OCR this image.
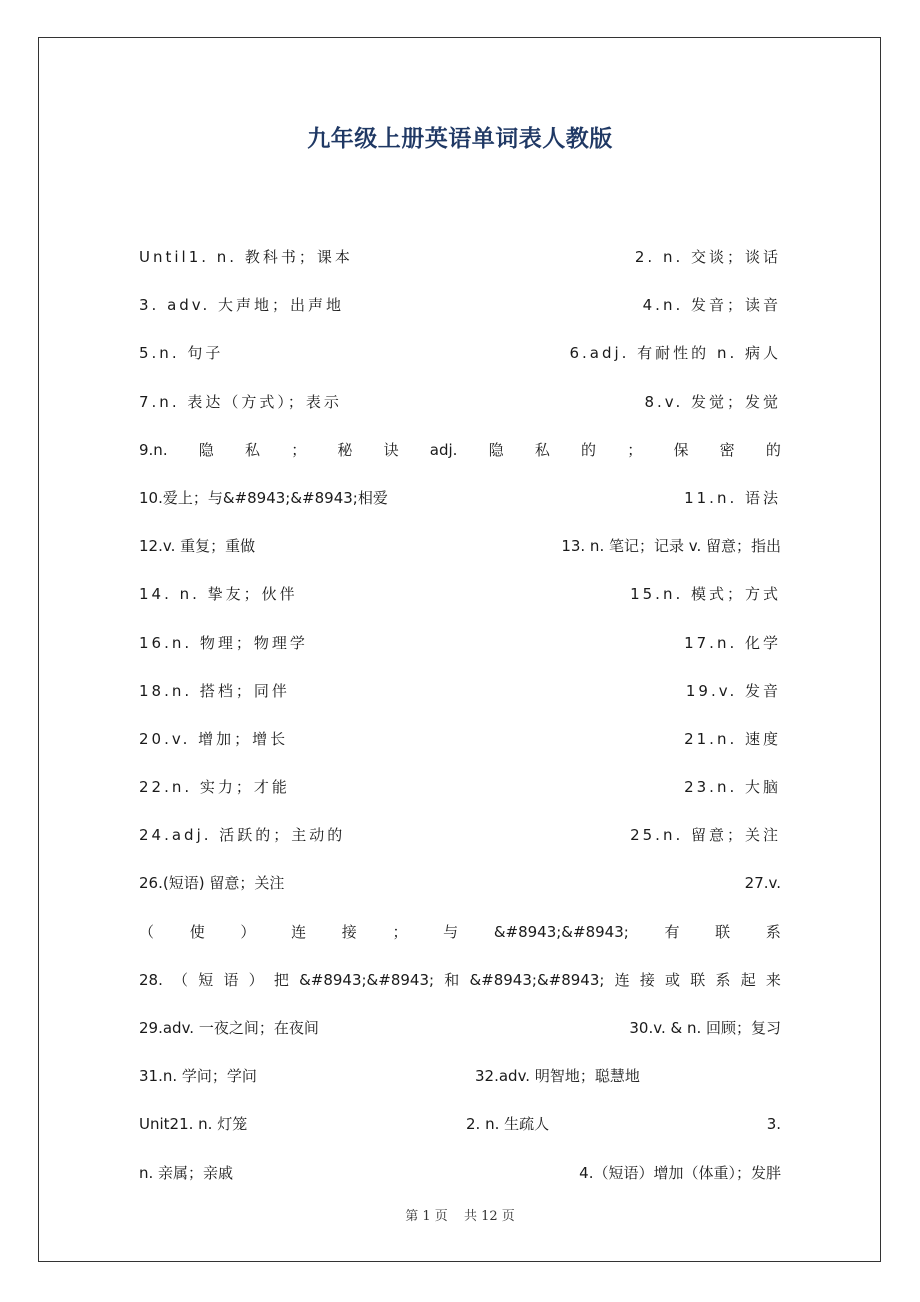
九年级上册英语单词表人教版
Until1. n. 教科书；课本	2. n. 交谈；谈话
3. adv. 大声地；出声地	4.n. 发音；读音
5.n. 句子	6.adj. 有耐性的 n. 病人
7.n. 表达（方式）；表示	8.v. 发觉；发觉
9.n. 隐 私 ； 秘 诀 adj. 隐 私 的 ； 保 密 的
10.爱上；与&#8943;&#8943;相爱	11.n. 语法
12.v. 重复；重做	13. n. 笔记；记录 v. 留意；指出
14. n. 挚友；伙伴	15.n. 模式；方式
16.n. 物理；物理学	17.n. 化学
18.n. 搭档；同伴	19.v. 发音
20.v. 增加；增长	21.n. 速度
22.n. 实力；才能	23.n. 大脑
24.adj. 活跃的；主动的	25.n. 留意；关注
26.(短语) 留意；关注	27.v.
（ 使 ） 连 接 ； 与 &#8943;&#8943; 有 联 系
28. （ 短 语 ） 把 &#8943;&#8943; 和 &#8943;&#8943; 连 接 或 联 系 起 来
29.adv. 一夜之间；在夜间	30.v. & n. 回顾；复习
31.n. 学问；学问	32.adv. 明智地；聪慧地
Unit21. n. 灯笼	2. n. 生疏人	3.
n. 亲属；亲戚	4.（短语）增加（体重）；发胖
第 1 页 共 12 页
